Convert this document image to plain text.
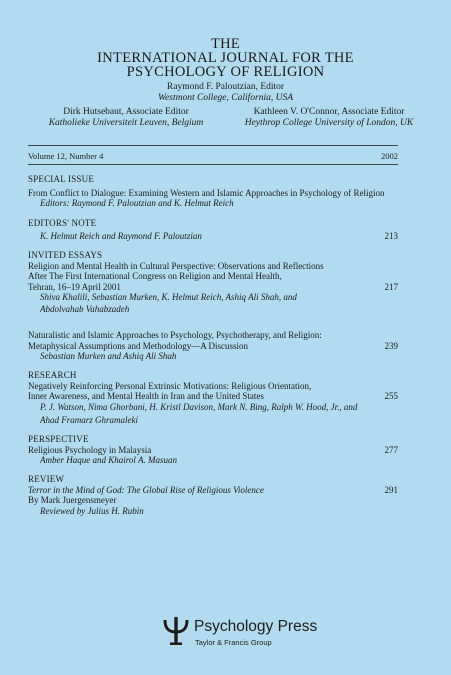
THE
INTERNATIONAL JOURNAL FOR THE
PSYCHOLOGY OF RELIGION
Raymond F. Paloutzian, Editor
Westmont College, California, USA
Dirk Hutsebaut, Associate Editor
Katholieke Universiteit Leuven, Belgium
Kathleen V. O'Connor, Associate Editor
Heythrop College University of London, UK
Volume 12, Number 4	2002
SPECIAL ISSUE
From Conflict to Dialogue: Examining Western and Islamic Approaches in Psychology of Religion
Editors: Raymond F. Paloutzian and K. Helmut Reich
EDITORS' NOTE
K. Helmut Reich and Raymond F. Paloutzian	213
INVITED ESSAYS
Religion and Mental Health in Cultural Perspective: Observations and Reflections
After The First International Congress on Religion and Mental Health,
Tehran, 16–19 April 2001	217
Shiva Khalili, Sebastian Murken, K. Helmut Reich, Ashiq Ali Shah, and
Abdolvahab Vahabzadeh
Naturalistic and Islamic Approaches to Psychology, Psychotherapy, and Religion:
Metaphysical Assumptions and Methodology—A Discussion	239
Sebastian Murken and Ashiq Ali Shah
RESEARCH
Negatively Reinforcing Personal Extrinsic Motivations: Religious Orientation,
Inner Awareness, and Mental Health in Iran and the United States	255
P. J. Watson, Nima Ghorbani, H. Kristl Davison, Mark N. Bing, Ralph W. Hood, Jr., and
Ahad Framarz Ghramaleki
PERSPECTIVE
Religious Psychology in Malaysia	277
Amber Haque and Khairol A. Masuan
REVIEW
Terror in the Mind of God: The Global Rise of Religious Violence	291
By Mark Juergensmeyer
Reviewed by Julius H. Rubin
Psychology Press
Taylor & Francis Group
